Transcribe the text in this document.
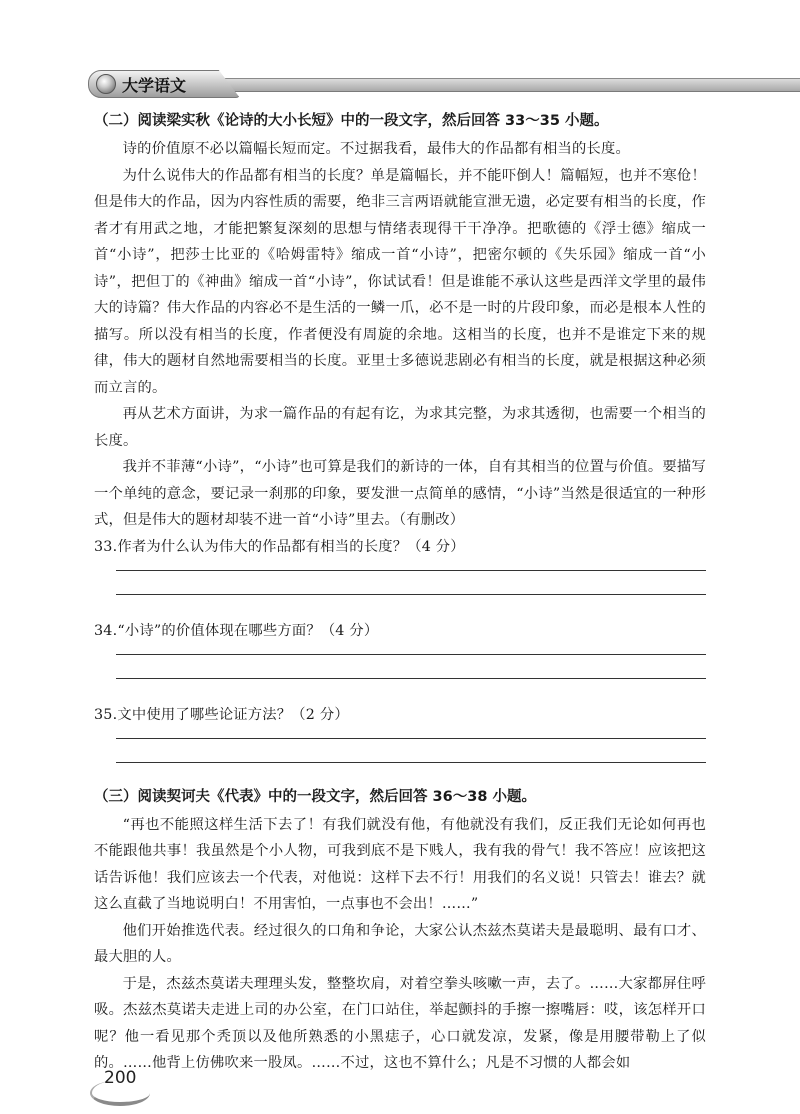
大学语文

（二）阅读梁实秋《论诗的大小长短》中的一段文字，然后回答 33～35 小题。

诗的价值原不必以篇幅长短而定。不过据我看，最伟大的作品都有相当的长度。

为什么说伟大的作品都有相当的长度？单是篇幅长，并不能吓倒人！篇幅短，也并不寒伧！但是伟大的作品，因为内容性质的需要，绝非三言两语就能宣泄无遗，必定要有相当的长度，作者才有用武之地，才能把繁复深刻的思想与情绪表现得干干净净。把歌德的《浮士德》缩成一首“小诗”，把莎士比亚的《哈姆雷特》缩成一首“小诗”，把密尔顿的《失乐园》缩成一首“小诗”，把但丁的《神曲》缩成一首“小诗”，你试试看！但是谁能不承认这些是西洋文学里的最伟大的诗篇？伟大作品的内容必不是生活的一鳞一爪，必不是一时的片段印象，而必是根本人性的描写。所以没有相当的长度，作者便没有周旋的余地。这相当的长度，也并不是谁定下来的规律，伟大的题材自然地需要相当的长度。亚里士多德说悲剧必有相当的长度，就是根据这种必须而立言的。

再从艺术方面讲，为求一篇作品的有起有讫，为求其完整，为求其透彻，也需要一个相当的长度。

我并不菲薄“小诗”，“小诗”也可算是我们的新诗的一体，自有其相当的位置与价值。要描写一个单纯的意念，要记录一刹那的印象，要发泄一点简单的感情，“小诗”当然是很适宜的一种形式，但是伟大的题材却装不进一首“小诗”里去。（有删改）

33.作者为什么认为伟大的作品都有相当的长度？（4 分）

34.“小诗”的价值体现在哪些方面？（4 分）

35.文中使用了哪些论证方法？（2 分）

（三）阅读契诃夫《代表》中的一段文字，然后回答 36～38 小题。

“再也不能照这样生活下去了！有我们就没有他，有他就没有我们，反正我们无论如何再也不能跟他共事！我虽然是个小人物，可我到底不是下贱人，我有我的骨气！我不答应！应该把这话告诉他！我们应该去一个代表，对他说：这样下去不行！用我们的名义说！只管去！谁去？就这么直截了当地说明白！不用害怕，一点事也不会出！……”

他们开始推选代表。经过很久的口角和争论，大家公认杰兹杰莫诺夫是最聪明、最有口才、最大胆的人。

于是，杰兹杰莫诺夫理理头发，整整坎肩，对着空拳头咳嗽一声，去了。……大家都屏住呼吸。杰兹杰莫诺夫走进上司的办公室，在门口站住，举起颤抖的手擦一擦嘴唇：哎，该怎样开口呢？他一看见那个秃顶以及他所熟悉的小黑痣子，心口就发凉，发紧，像是用腰带勒上了似的。……他背上仿佛吹来一股凤。……不过，这也不算什么；凡是不习惯的人都会如

200
